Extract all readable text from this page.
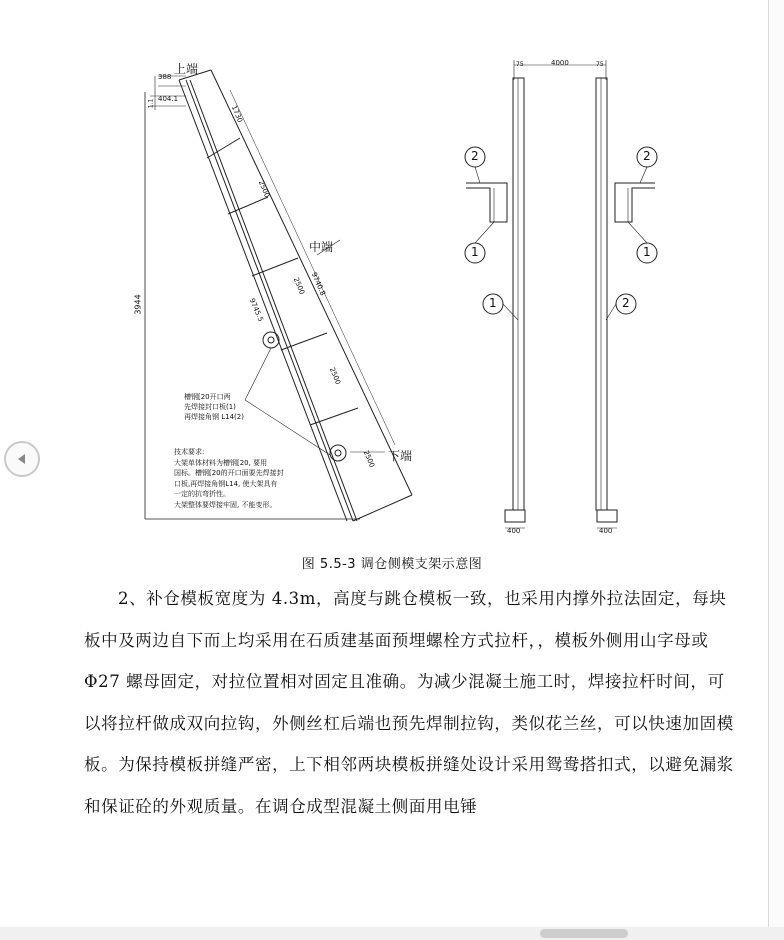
上端
388
404.1
1.1
3944
1730
2500
2500
2500
2500
9740.8
9745.5
中端
下端
槽钢[20开口两
先焊接封口板(1)
再焊接角钢 L14(2)
技术要求:
大架单体材料为槽钢[20, 要用
国标。槽钢[20的开口面要先焊接封
口板,再焊接角钢L14, 使大架具有
一定的抗弯折性。
大架整体要焊接牢固, 不能变形。
4000
75	75
400	400
2
1
1
2
1
2
图 5.5-3 调仓侧模支架示意图

2、补仓模板宽度为 4.3m，高度与跳仓模板一致，也采用内撑外拉法固定，每块板中及两边自下而上均采用在石质建基面预埋螺栓方式拉杆，，模板外侧用山字母或 Φ27 螺母固定，对拉位置相对固定且准确。为减少混凝土施工时，焊接拉杆时间，可以将拉杆做成双向拉钩，外侧丝杠后端也预先焊制拉钩，类似花兰丝，可以快速加固模板。为保持模板拼缝严密，上下相邻两块模板拼缝处设计采用鸳鸯搭扣式，以避免漏浆和保证砼的外观质量。在调仓成型混凝土侧面用电锤
